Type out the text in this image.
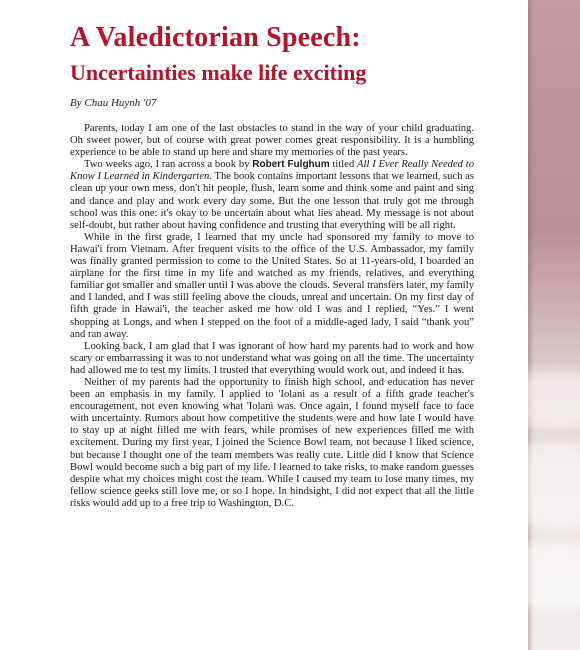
A Valedictorian Speech:
Uncertainties make life exciting

By Chau Huynh '07

Parents, today I am one of the last obstacles to stand in the way of your child graduating. Oh sweet power, but of course with great power comes great responsibility. It is a humbling experience to be able to stand up here and share my memories of the past years.

Two weeks ago, I ran across a book by Robert Fulghum titled All I Ever Really Needed to Know I Learned in Kindergarten. The book contains important lessons that we learned, such as clean up your own mess, don't hit people, flush, learn some and think some and paint and sing and dance and play and work every day some. But the one lesson that truly got me through school was this one: it's okay to be uncertain about what lies ahead. My message is not about self-doubt, but rather about having confidence and trusting that everything will be all right.

While in the first grade, I learned that my uncle had sponsored my family to move to Hawai'i from Vietnam. After frequent visits to the office of the U.S. Ambassador, my family was finally granted permission to come to the United States. So at 11-years-old, I boarded an airplane for the first time in my life and watched as my friends, relatives, and everything familiar got smaller and smaller until I was above the clouds. Several transfers later, my family and I landed, and I was still feeling above the clouds, unreal and uncertain. On my first day of fifth grade in Hawai'i, the teacher asked me how old I was and I replied, “Yes.” I went shopping at Longs, and when I stepped on the foot of a middle-aged lady, I said “thank you” and ran away.

Looking back, I am glad that I was ignorant of how hard my parents had to work and how scary or embarrassing it was to not understand what was going on all the time. The uncertainty had allowed me to test my limits. I trusted that everything would work out, and indeed it has.

Neither of my parents had the opportunity to finish high school, and education has never been an emphasis in my family. I applied to 'Iolani as a result of a fifth grade teacher's encouragement, not even knowing what 'Iolani was. Once again, I found myself face to face with uncertainty. Rumors about how competitive the students were and how late I would have to stay up at night filled me with fears, while promises of new experiences filled me with excitement. During my first year, I joined the Science Bowl team, not because I liked science, but because I thought one of the team members was really cute. Little did I know that Science Bowl would become such a big part of my life. I learned to take risks, to make random guesses despite what my choices might cost the team. While I caused my team to lose many times, my fellow science geeks still love me, or so I hope. In hindsight, I did not expect that all the little risks would add up to a free trip to Washington, D.C.
